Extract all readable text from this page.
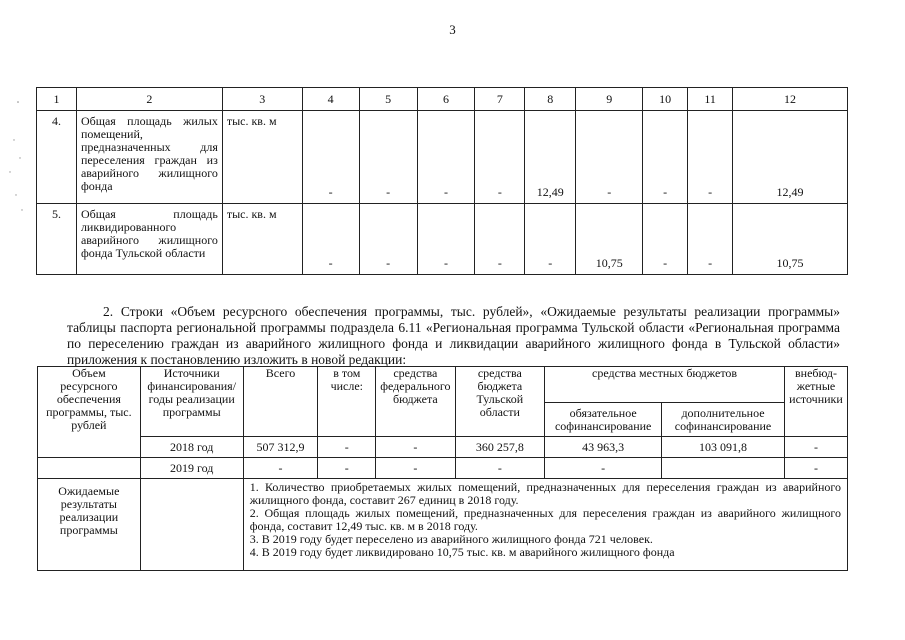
3
1	2	3	4	5	6	7	8	9	10	11	12
4.	Общая площадь жилых помещений, предназначенных для переселения граждан из аварийного жилищного фонда	тыс. кв. м	-	-	-	-	12,49	-	-	-	12,49
5.	Общая площадь ликвидированного аварийного жилищного фонда Тульской области	тыс. кв. м	-	-	-	-	-	10,75	-	-	10,75

2. Строки «Объем ресурсного обеспечения программы, тыс. рублей», «Ожидаемые результаты реализации программы» таблицы паспорта региональной программы подраздела 6.11 «Региональная программа Тульской области «Региональная программа по переселению граждан из аварийного жилищного фонда и ликвидации аварийного жилищного фонда в Тульской области» приложения к постановлению изложить в новой редакции:

Объем ресурсного обеспечения программы, тыс. рублей	Источники финансирования/ годы реализации программы	Всего	в том числе:	средства федерального бюджета	средства бюджета Тульской области	средства местных бюджетов		внебюд-жетные источники
						обязательное софинансирование	дополнительное софинансирование	
	2018 год	507 312,9	-	-	360 257,8	43 963,3	103 091,8	-
	2019 год	-	-	-	-	-		-
Ожидаемые результаты реализации программы		1. Количество приобретаемых жилых помещений, предназначенных для переселения граждан из аварийного жилищного фонда, составит 267 единиц в 2018 году.

2. Общая площадь жилых помещений, предназначенных для переселения граждан из аварийного жилищного фонда, составит 12,49 тыс. кв. м в 2018 году.

3. В 2019 году будет переселено из аварийного жилищного фонда 721 человек.

4. В 2019 году будет ликвидировано 10,75 тыс. кв. м аварийного жилищного фонда						
